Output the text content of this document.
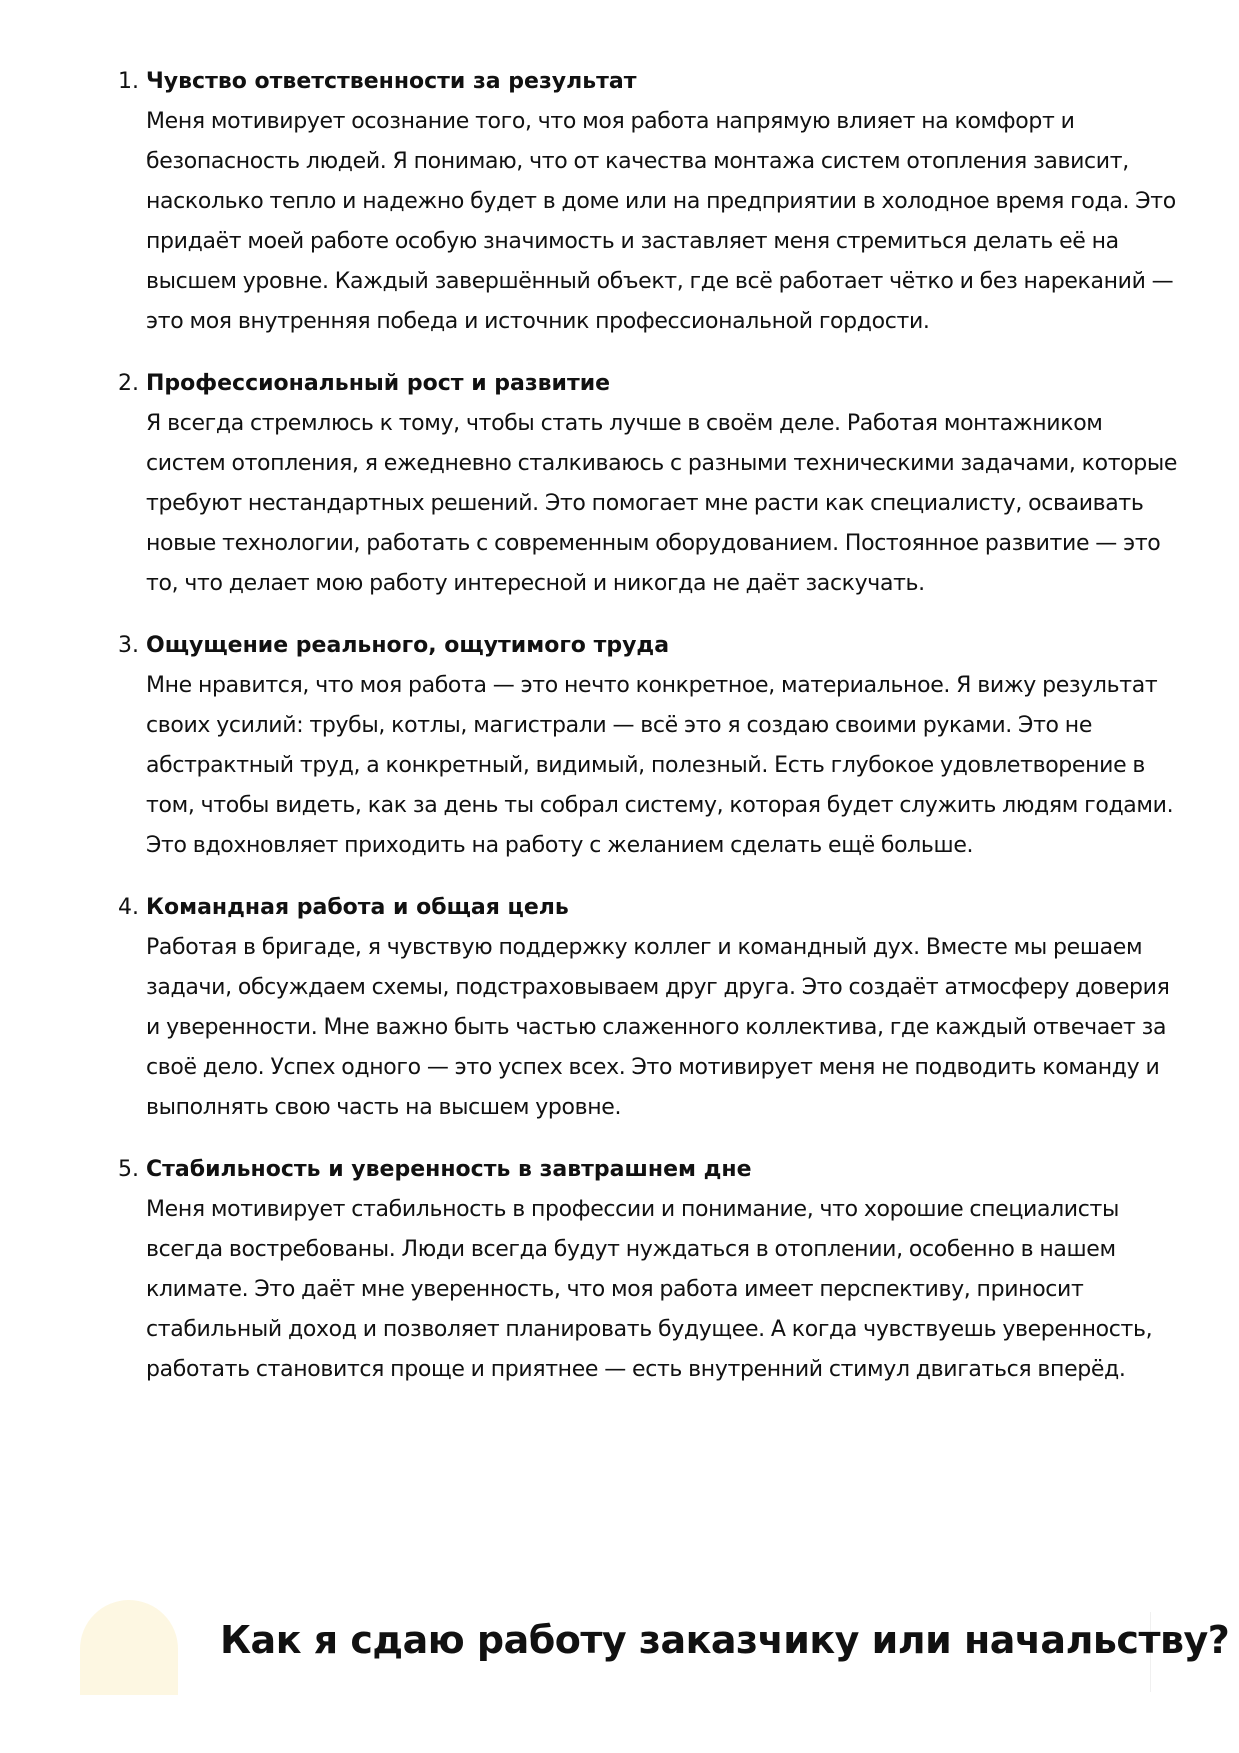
1. Чувство ответственности за результат
Меня мотивирует осознание того, что моя работа напрямую влияет на комфорт и безопасность людей. Я понимаю, что от качества монтажа систем отопления зависит, насколько тепло и надежно будет в доме или на предприятии в холодное время года. Это придаёт моей работе особую значимость и заставляет меня стремиться делать её на высшем уровне. Каждый завершённый объект, где всё работает чётко и без нареканий — это моя внутренняя победа и источник профессиональной гордости.
2. Профессиональный рост и развитие
Я всегда стремлюсь к тому, чтобы стать лучше в своём деле. Работая монтажником систем отопления, я ежедневно сталкиваюсь с разными техническими задачами, которые требуют нестандартных решений. Это помогает мне расти как специалисту, осваивать новые технологии, работать с современным оборудованием. Постоянное развитие — это то, что делает мою работу интересной и никогда не даёт заскучать.
3. Ощущение реального, ощутимого труда
Мне нравится, что моя работа — это нечто конкретное, материальное. Я вижу результат своих усилий: трубы, котлы, магистрали — всё это я создаю своими руками. Это не абстрактный труд, а конкретный, видимый, полезный. Есть глубокое удовлетворение в том, чтобы видеть, как за день ты собрал систему, которая будет служить людям годами. Это вдохновляет приходить на работу с желанием сделать ещё больше.
4. Командная работа и общая цель
Работая в бригаде, я чувствую поддержку коллег и командный дух. Вместе мы решаем задачи, обсуждаем схемы, подстраховываем друг друга. Это создаёт атмосферу доверия и уверенности. Мне важно быть частью слаженного коллектива, где каждый отвечает за своё дело. Успех одного — это успех всех. Это мотивирует меня не подводить команду и выполнять свою часть на высшем уровне.
5. Стабильность и уверенность в завтрашнем дне
Меня мотивирует стабильность в профессии и понимание, что хорошие специалисты всегда востребованы. Люди всегда будут нуждаться в отоплении, особенно в нашем климате. Это даёт мне уверенность, что моя работа имеет перспективу, приносит стабильный доход и позволяет планировать будущее. А когда чувствуешь уверенность, работать становится проще и приятнее — есть внутренний стимул двигаться вперёд.
Как я сдаю работу заказчику или начальству?
